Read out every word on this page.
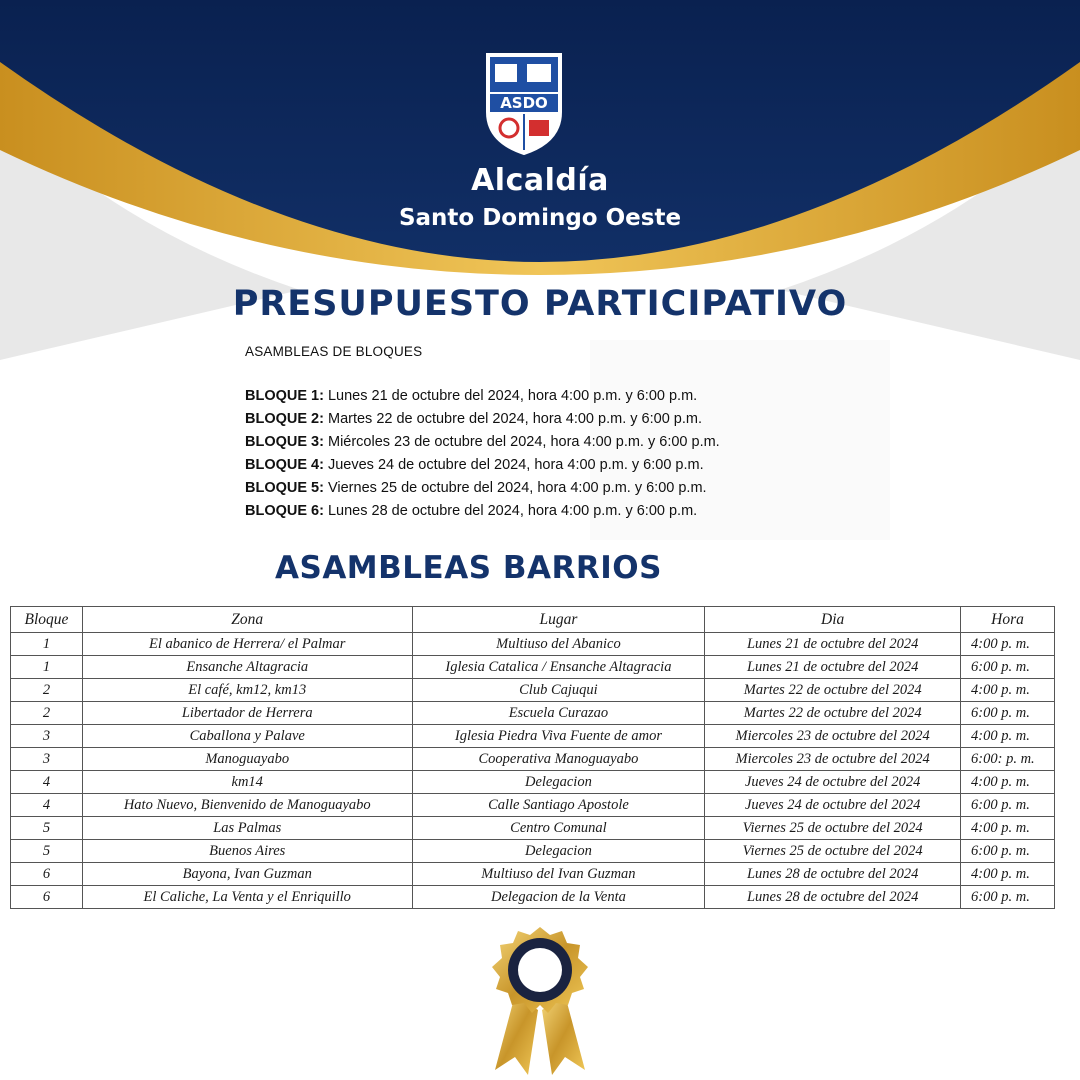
ASDO
Alcaldía
Santo Domingo Oeste
PRESUPUESTO PARTICIPATIVO
ASAMBLEAS DE BLOQUES
BLOQUE 1: Lunes 21 de octubre del 2024, hora 4:00 p.m. y 6:00 p.m.
BLOQUE 2: Martes 22 de octubre del 2024, hora 4:00 p.m. y 6:00 p.m.
BLOQUE 3: Miércoles 23 de octubre del 2024, hora 4:00 p.m. y 6:00 p.m.
BLOQUE 4: Jueves 24 de octubre del 2024, hora 4:00 p.m. y 6:00 p.m.
BLOQUE 5: Viernes 25 de octubre del 2024, hora 4:00 p.m. y 6:00 p.m.
BLOQUE 6: Lunes 28 de octubre del 2024, hora 4:00 p.m. y 6:00 p.m.
ASAMBLEAS BARRIOS
Bloque	Zona	Lugar	Dia	Hora
1	El abanico de Herrera/ el Palmar	Multiuso del Abanico	Lunes 21 de octubre del 2024	4:00 p. m.
1	Ensanche Altagracia	Iglesia Catalica / Ensanche Altagracia	Lunes 21 de octubre del 2024	6:00 p. m.
2	El café, km12, km13	Club Cajuqui	Martes 22 de octubre del 2024	4:00 p. m.
2	Libertador de Herrera	Escuela Curazao	Martes 22 de octubre del 2024	6:00 p. m.
3	Caballona y Palave	Iglesia Piedra Viva Fuente de amor	Miercoles 23 de octubre del 2024	4:00 p. m.
3	Manoguayabo	Cooperativa Manoguayabo	Miercoles 23 de octubre del 2024	6:00: p. m.
4	km14	Delegacion	Jueves 24 de octubre del 2024	4:00 p. m.
4	Hato Nuevo, Bienvenido de Manoguayabo	Calle Santiago Apostole	Jueves 24 de octubre del 2024	6:00 p. m.
5	Las Palmas	Centro Comunal	Viernes 25 de octubre del 2024	4:00 p. m.
5	Buenos Aires	Delegacion	Viernes 25 de octubre del 2024	6:00 p. m.
6	Bayona, Ivan Guzman	Multiuso del Ivan Guzman	Lunes 28 de octubre del 2024	4:00 p. m.
6	El Caliche, La Venta y el Enriquillo	Delegacion de la Venta	Lunes 28 de octubre del 2024	6:00 p. m.
